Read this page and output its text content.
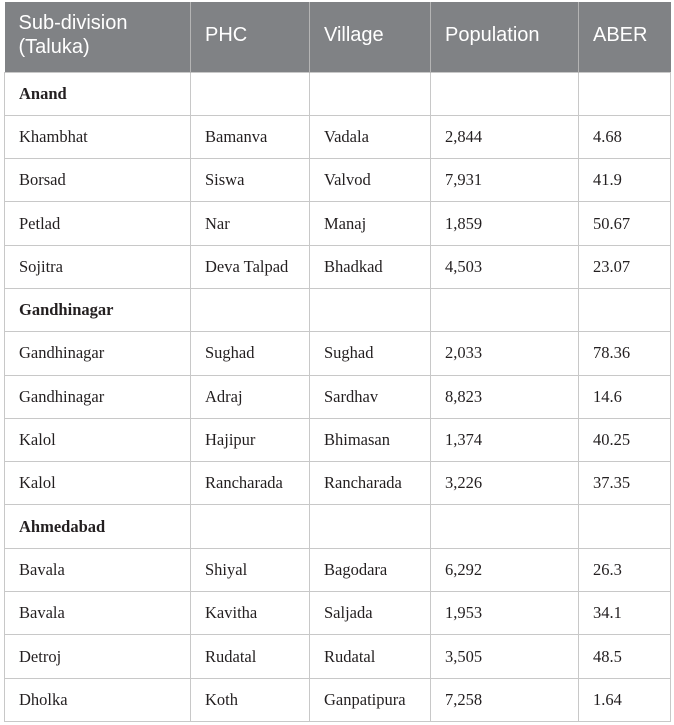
Sub-division (Taluka)	PHC	Village	Population	ABER
Anand				
Khambhat	Bamanva	Vadala	2,844	4.68
Borsad	Siswa	Valvod	7,931	41.9
Petlad	Nar	Manaj	1,859	50.67
Sojitra	Deva Talpad	Bhadkad	4,503	23.07
Gandhinagar				
Gandhinagar	Sughad	Sughad	2,033	78.36
Gandhinagar	Adraj	Sardhav	8,823	14.6
Kalol	Hajipur	Bhimasan	1,374	40.25
Kalol	Rancharada	Rancharada	3,226	37.35
Ahmedabad				
Bavala	Shiyal	Bagodara	6,292	26.3
Bavala	Kavitha	Saljada	1,953	34.1
Detroj	Rudatal	Rudatal	3,505	48.5
Dholka	Koth	Ganpatipura	7,258	1.64
